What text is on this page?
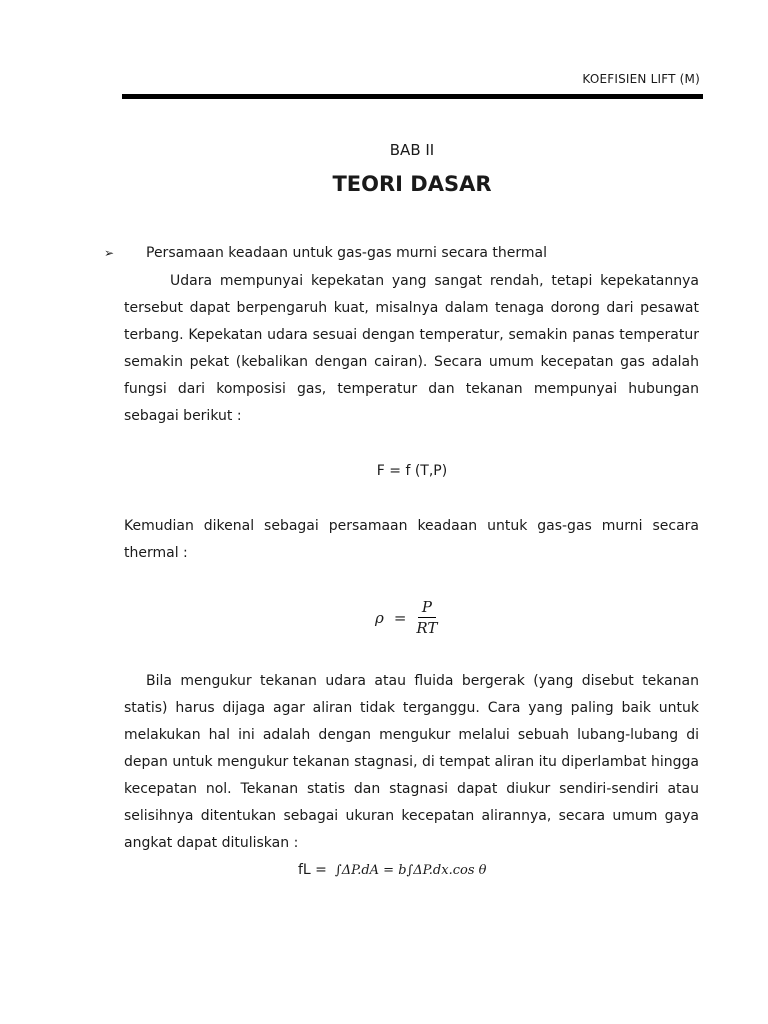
KOEFISIEN LIFT (M)
BAB II
TEORI DASAR
➢ Persamaan keadaan untuk gas-gas murni secara thermal

Udara mempunyai kepekatan yang sangat rendah, tetapi kepekatannya tersebut dapat berpengaruh kuat, misalnya dalam tenaga dorong dari pesawat terbang. Kepekatan udara sesuai dengan temperatur, semakin panas temperatur semakin pekat (kebalikan dengan cairan). Secara umum kecepatan gas adalah fungsi dari komposisi gas, temperatur dan tekanan mempunyai hubungan sebagai berikut :

F = f (T,P)

Kemudian dikenal sebagai persamaan keadaan untuk gas-gas murni secara thermal :

$\rho = \frac{P}{RT}$

Bila mengukur tekanan udara atau fluida bergerak (yang disebut tekanan statis) harus dijaga agar aliran tidak terganggu. Cara yang paling baik untuk melakukan hal ini adalah dengan mengukur melalui sebuah lubang-lubang di depan untuk mengukur tekanan stagnasi, di tempat aliran itu diperlambat hingga kecepatan nol. Tekanan statis dan stagnasi dapat diukur sendiri-sendiri atau selisihnya ditentukan sebagai ukuran kecepatan alirannya, secara umum gaya angkat dapat dituliskan :

fL = ∫ΔP.dA = b∫ΔP.dx.cos θ
